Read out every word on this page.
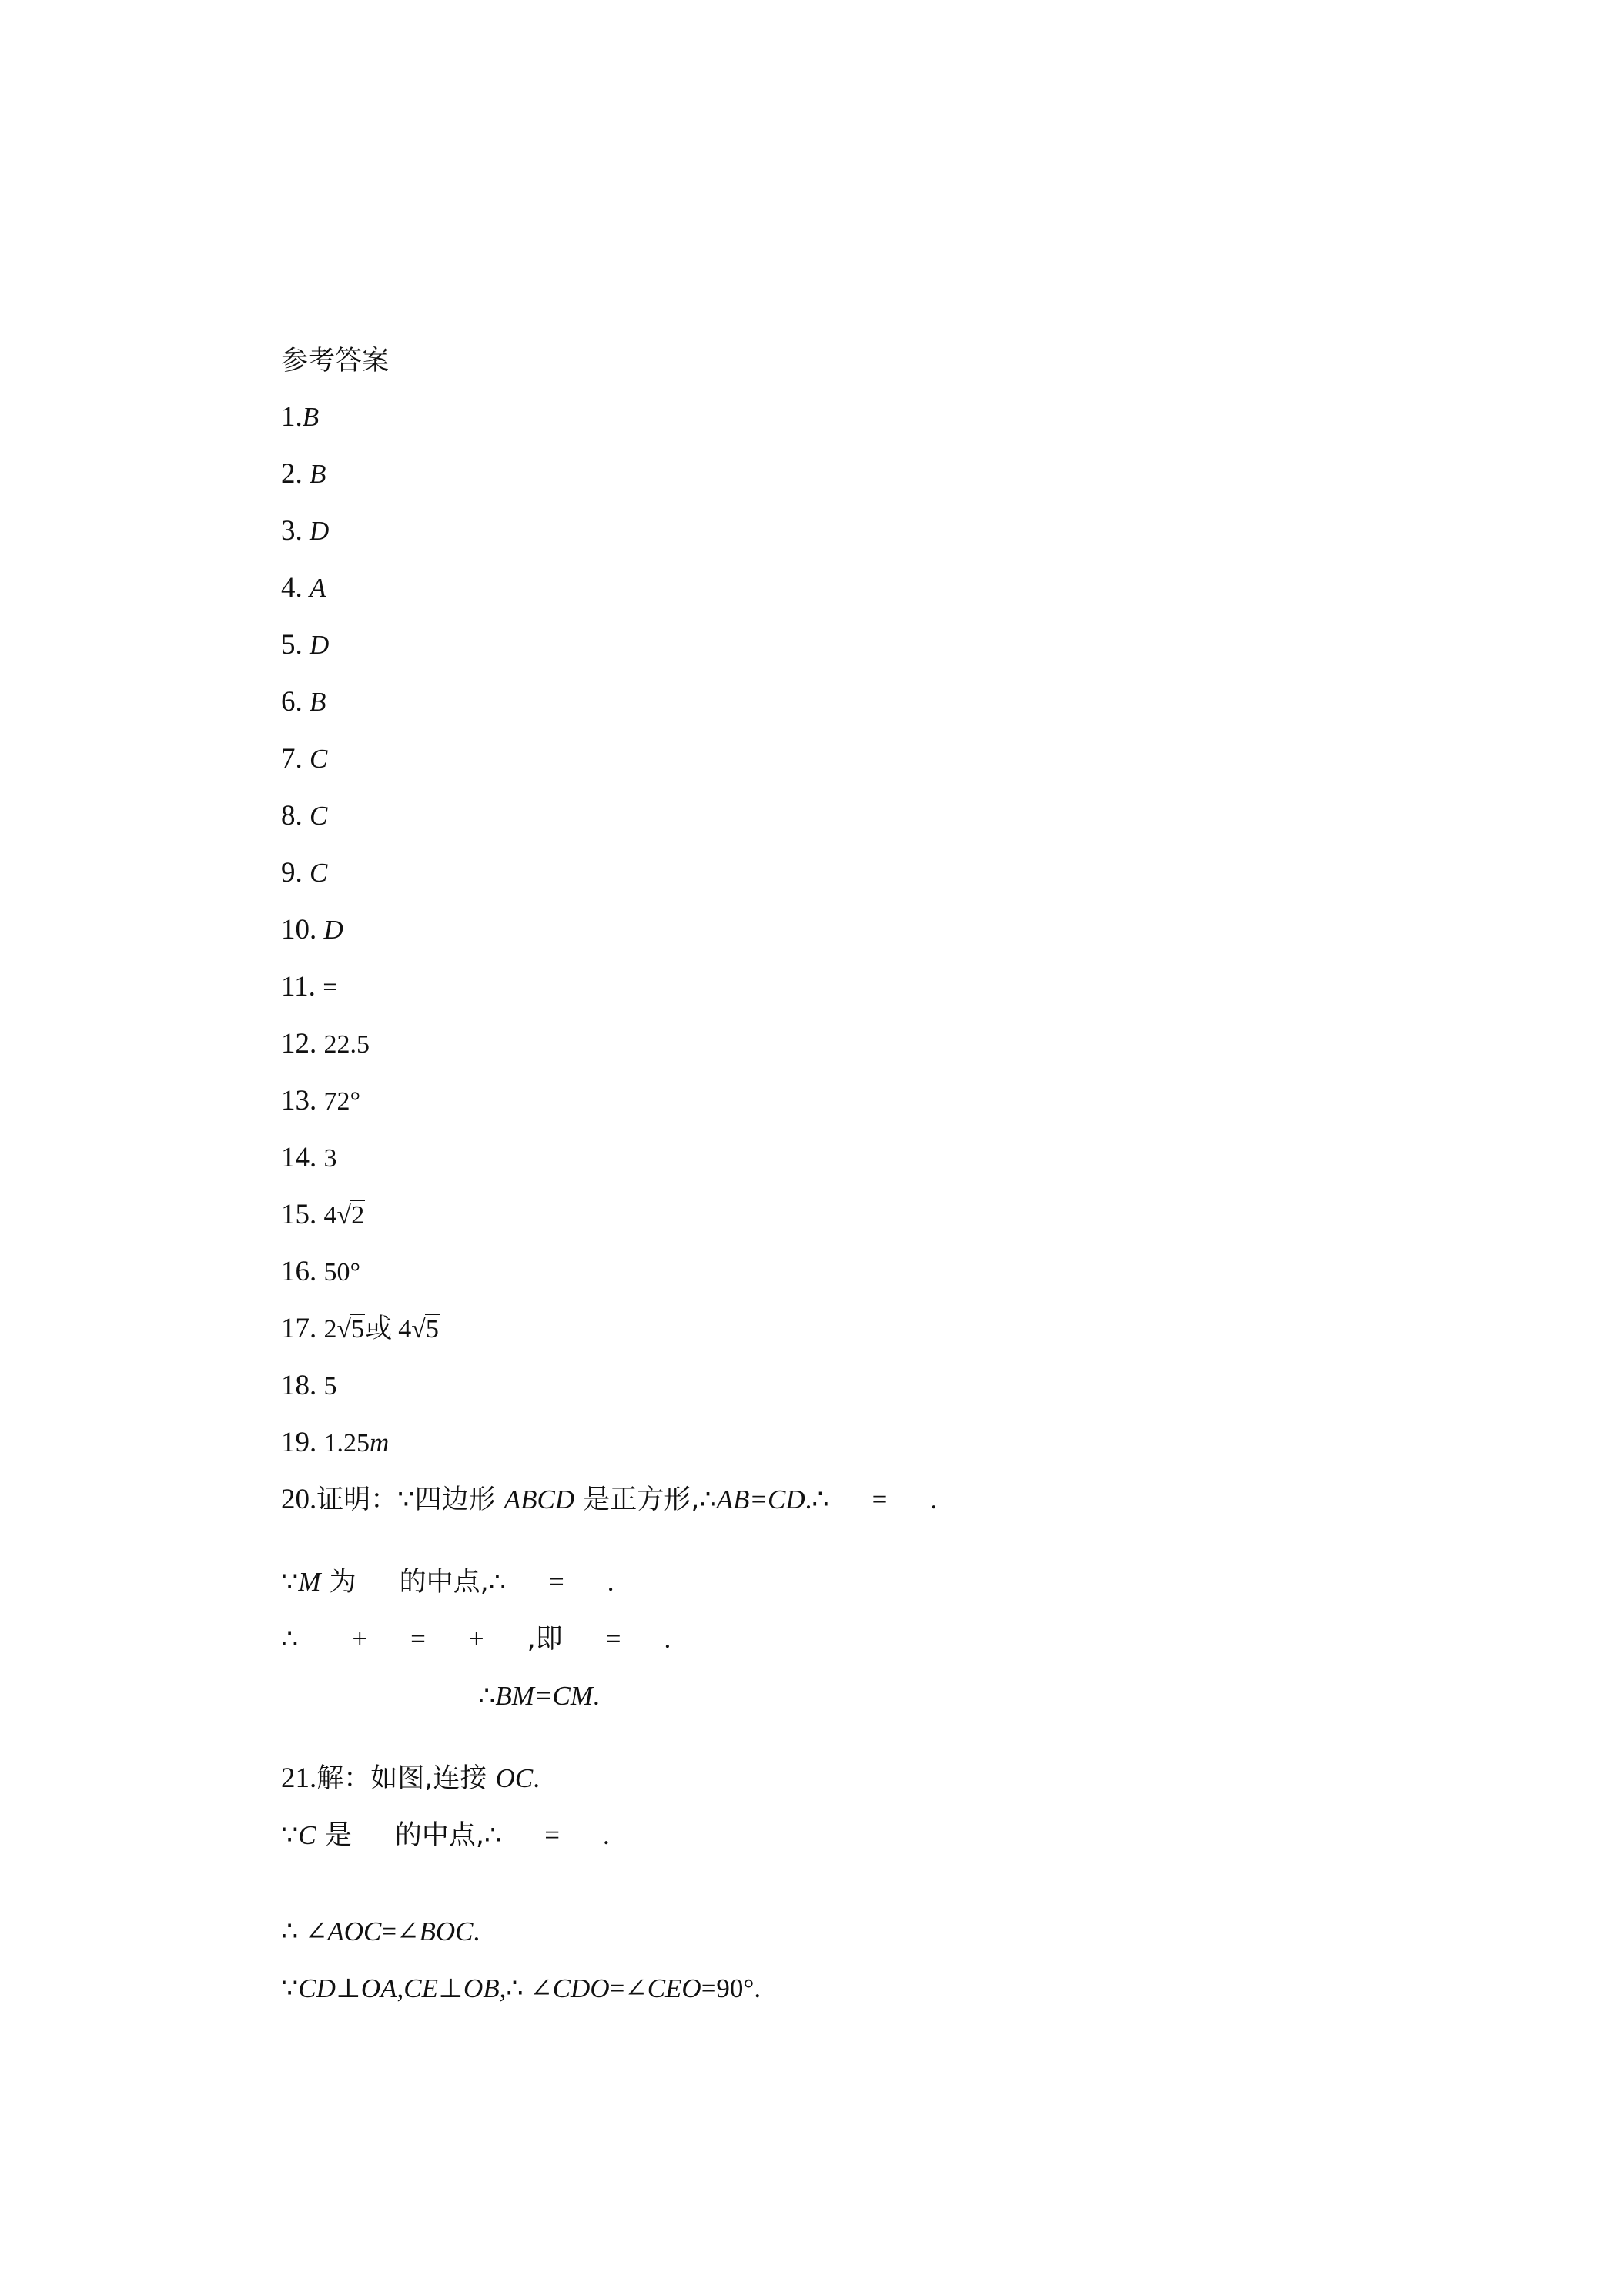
参考答案

1.B

2. B

3. D

4. A

5. D

6. B

7. C

8. C

9. C

10. D

11. =

12. 22.5

13. 72°

14. 3

15. 4√2

16. 50°

17. 2√5或 4√5

18. 5

19. 1.25m

20.证明：∵四边形 ABCD 是正方形,∴AB=CD.∴ = .

∵M 为 的中点,∴ = .

∴ + = + ,即 = .

∴BM=CM.

21.解：如图,连接 OC.

∵C 是 的中点,∴ = .

∴ ∠AOC=∠BOC.

∵CD⊥OA,CE⊥OB,∴ ∠CDO=∠CEO=90°.
